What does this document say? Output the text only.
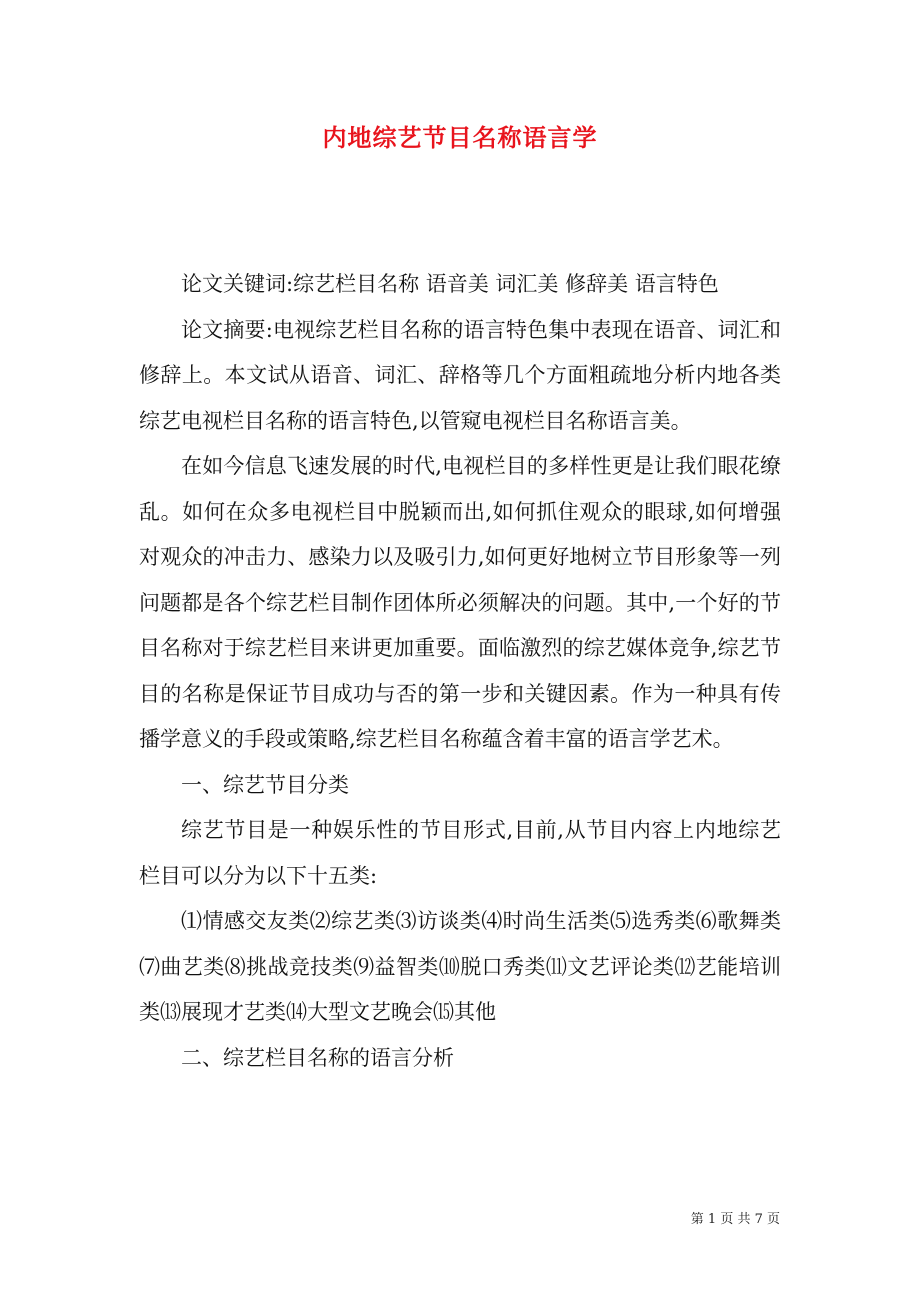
内地综艺节目名称语言学

论文关键词:综艺栏目名称 语音美 词汇美 修辞美 语言特色

论文摘要:电视综艺栏目名称的语言特色集中表现在语音、词汇和修辞上。本文试从语音、词汇、辞格等几个方面粗疏地分析内地各类综艺电视栏目名称的语言特色,以管窥电视栏目名称语言美。

在如今信息飞速发展的时代,电视栏目的多样性更是让我们眼花缭乱。如何在众多电视栏目中脱颖而出,如何抓住观众的眼球,如何增强对观众的冲击力、感染力以及吸引力,如何更好地树立节目形象等一列问题都是各个综艺栏目制作团体所必须解决的问题。其中,一个好的节目名称对于综艺栏目来讲更加重要。面临激烈的综艺媒体竞争,综艺节目的名称是保证节目成功与否的第一步和关键因素。作为一种具有传播学意义的手段或策略,综艺栏目名称蕴含着丰富的语言学艺术。

一、综艺节目分类

综艺节目是一种娱乐性的节目形式,目前,从节目内容上内地综艺栏目可以分为以下十五类:

⑴情感交友类⑵综艺类⑶访谈类⑷时尚生活类⑸选秀类⑹歌舞类⑺曲艺类⑻挑战竞技类⑼益智类⑽脱口秀类⑾文艺评论类⑿艺能培训类⒀展现才艺类⒁大型文艺晚会⒂其他

二、综艺栏目名称的语言分析

第 1 页 共 7 页
